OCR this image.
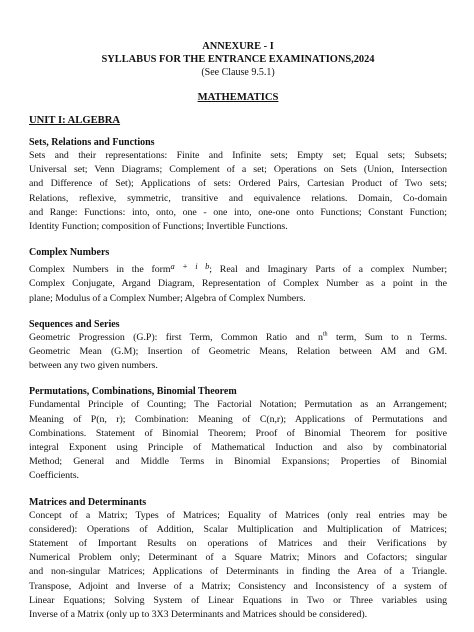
ANNEXURE - I
SYLLABUS FOR THE ENTRANCE EXAMINATIONS,2024
(See Clause 9.5.1)
MATHEMATICS
UNIT I: ALGEBRA
Sets, Relations and Functions
Sets and their representations: Finite and Infinite sets; Empty set; Equal sets; Subsets;
Universal set; Venn Diagrams; Complement of a set; Operations on Sets (Union, Intersection
and Difference of Set); Applications of sets: Ordered Pairs, Cartesian Product of Two sets;
Relations, reflexive, symmetric, transitive and equivalence relations. Domain, Co-domain
and Range: Functions: into, onto, one - one into, one-one onto Functions; Constant Function;
Identity Function; composition of Functions; Invertible Functions.
Complex Numbers
Complex Numbers in the forma + i b; Real and Imaginary Parts of a complex Number;
Complex Conjugate, Argand Diagram, Representation of Complex Number as a point in the
plane; Modulus of a Complex Number; Algebra of Complex Numbers.
Sequences and Series
Geometric Progression (G.P): first Term, Common Ratio and $n^{th}$ term, Sum to n Terms.
Geometric Mean (G.M); Insertion of Geometric Means, Relation between AM and GM.
between any two given numbers.
Permutations, Combinations, Binomial Theorem
Fundamental Principle of Counting; The Factorial Notation; Permutation as an Arrangement;
Meaning of P(n, r); Combination: Meaning of C(n,r); Applications of Permutations and
Combinations. Statement of Binomial Theorem; Proof of Binomial Theorem for positive
integral Exponent using Principle of Mathematical Induction and also by combinatorial
Method; General and Middle Terms in Binomial Expansions; Properties of Binomial
Coefficients.
Matrices and Determinants
Concept of a Matrix; Types of Matrices; Equality of Matrices (only real entries may be
considered): Operations of Addition, Scalar Multiplication and Multiplication of Matrices;
Statement of Important Results on operations of Matrices and their Verifications by
Numerical Problem only; Determinant of a Square Matrix; Minors and Cofactors; singular
and non-singular Matrices; Applications of Determinants in finding the Area of a Triangle.
Transpose, Adjoint and Inverse of a Matrix; Consistency and Inconsistency of a system of
Linear Equations; Solving System of Linear Equations in Two or Three variables using
Inverse of a Matrix (only up to 3X3 Determinants and Matrices should be considered).
